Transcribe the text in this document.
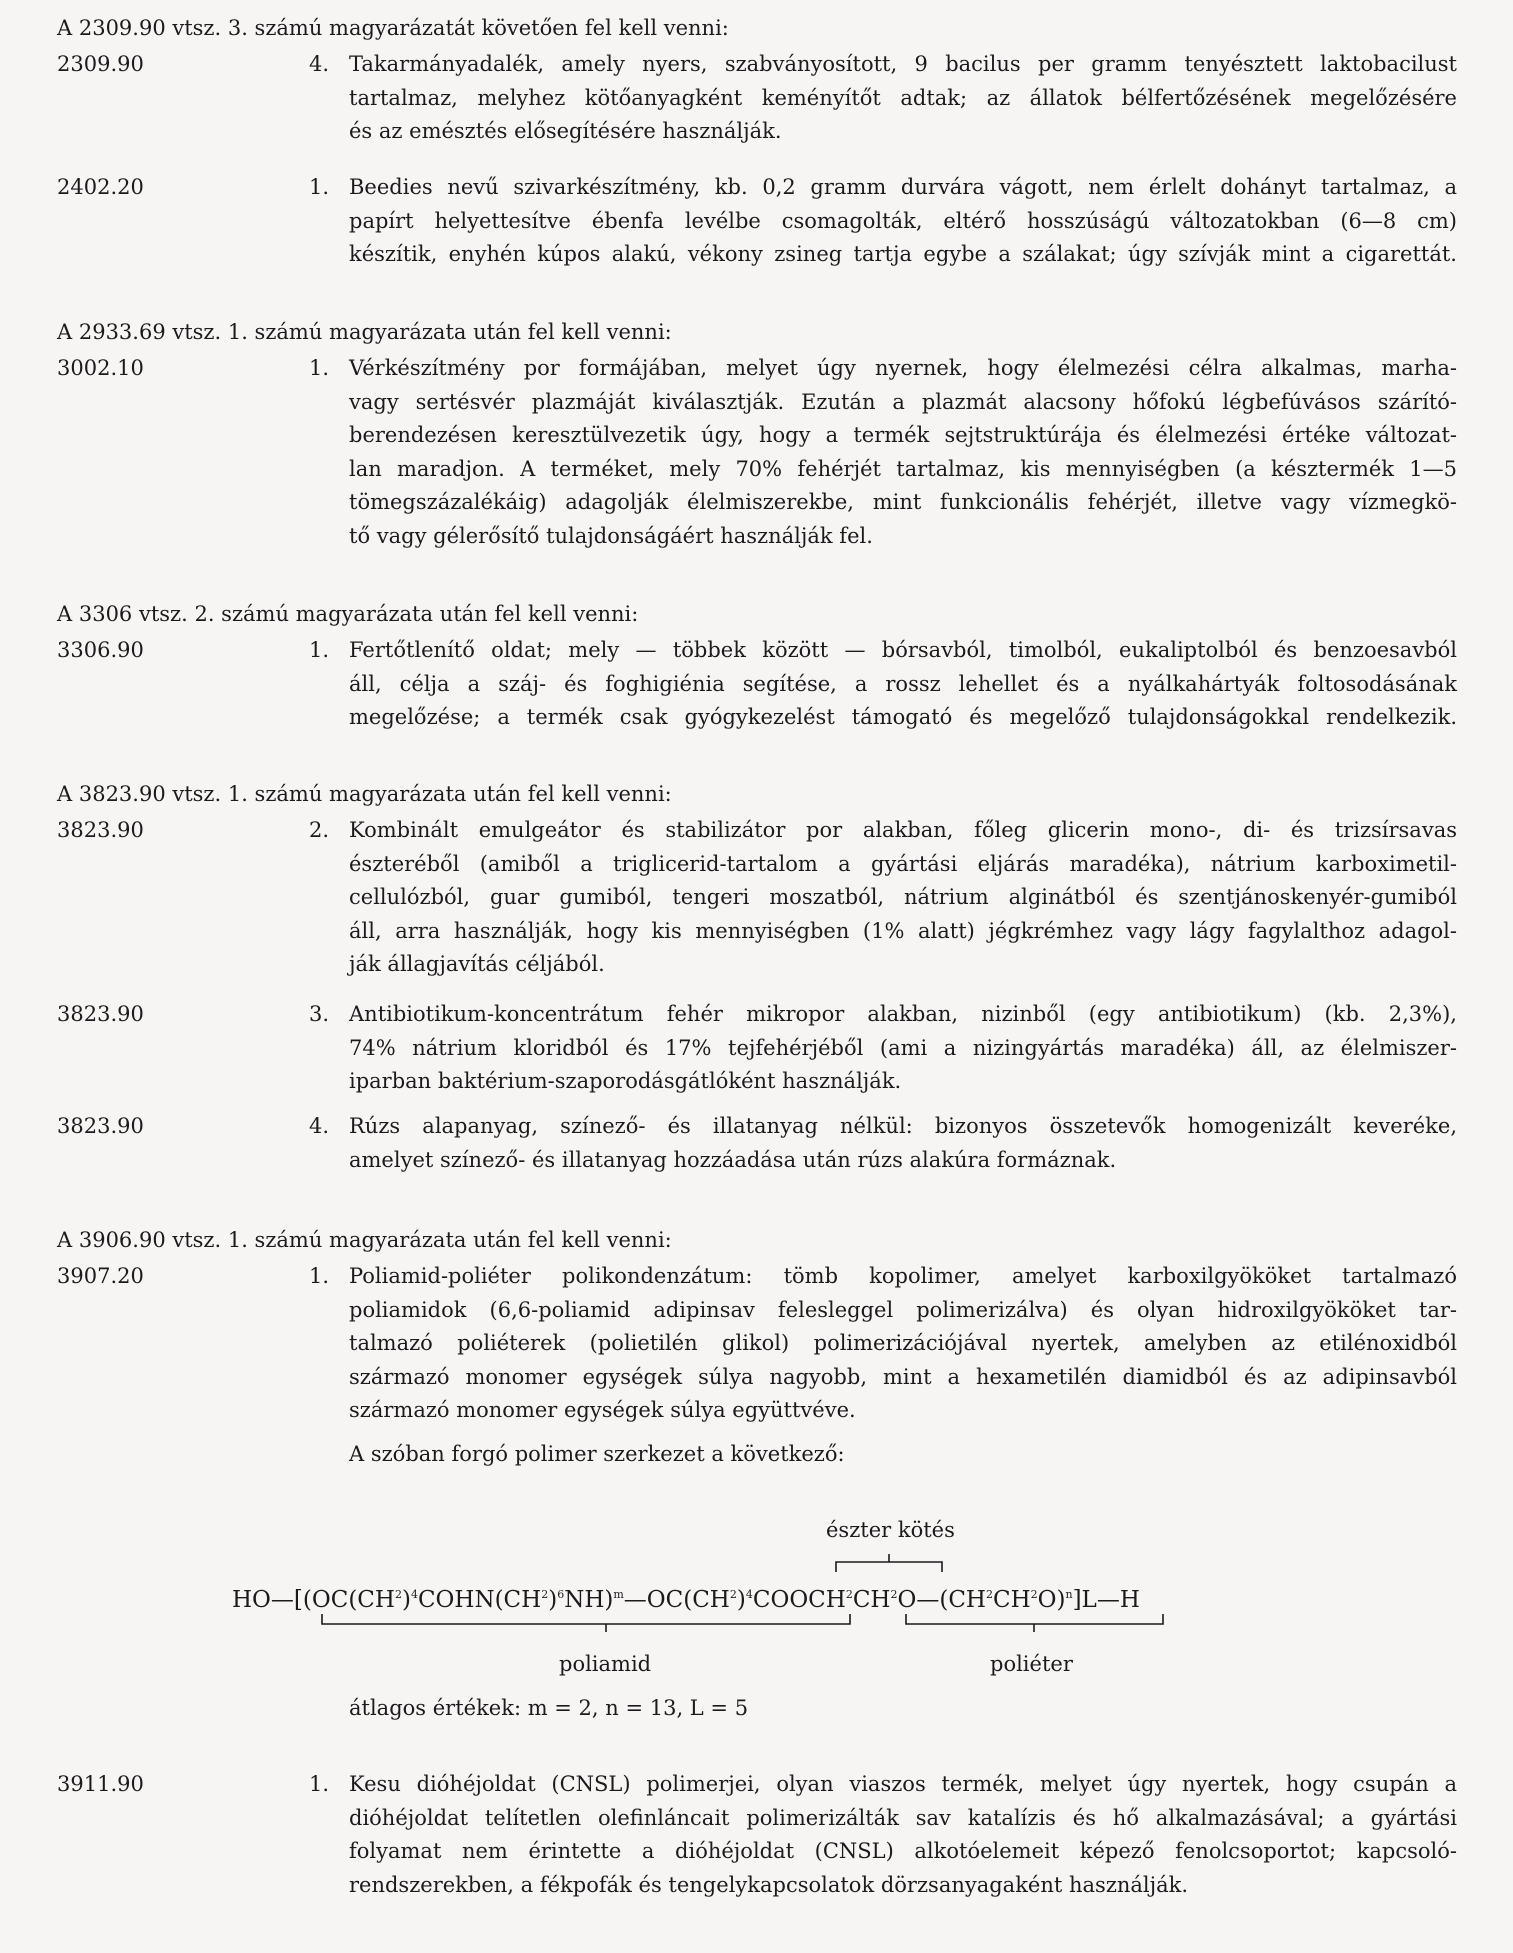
A 2309.90 vtsz. 3. számú magyarázatát követően fel kell venni:
2309.90	4. Takarmányadalék, amely nyers, szabványosított, 9 bacilus per gramm tenyésztett laktobacilust
tartalmaz, melyhez kötőanyagként keményítőt adtak; az állatok bélfertőzésének megelőzésére
és az emésztés elősegítésére használják.
2402.20	1. Beedies nevű szivarkészítmény, kb. 0,2 gramm durvára vágott, nem érlelt dohányt tartalmaz, a
papírt helyettesítve ébenfa levélbe csomagolták, eltérő hosszúságú változatokban (6—8 cm)
készítik, enyhén kúpos alakú, vékony zsineg tartja egybe a szálakat; úgy szívják mint a cigarettát.
A 2933.69 vtsz. 1. számú magyarázata után fel kell venni:
3002.10	1. Vérkészítmény por formájában, melyet úgy nyernek, hogy élelmezési célra alkalmas, marha-
vagy sertésvér plazmáját kiválasztják. Ezután a plazmát alacsony hőfokú légbefúvásos szárító-
berendezésen keresztülvezetik úgy, hogy a termék sejtstruktúrája és élelmezési értéke változat-
lan maradjon. A terméket, mely 70% fehérjét tartalmaz, kis mennyiségben (a késztermék 1—5
tömegszázalékáig) adagolják élelmiszerekbe, mint funkcionális fehérjét, illetve vagy vízmegkö-
tő vagy gélerősítő tulajdonságáért használják fel.
A 3306 vtsz. 2. számú magyarázata után fel kell venni:
3306.90	1. Fertőtlenítő oldat; mely — többek között — bórsavból, timolból, eukaliptolból és benzoesavból
áll, célja a száj- és foghigiénia segítése, a rossz lehellet és a nyálkahártyák foltosodásának
megelőzése; a termék csak gyógykezelést támogató és megelőző tulajdonságokkal rendelkezik.
A 3823.90 vtsz. 1. számú magyarázata után fel kell venni:
3823.90	2. Kombinált emulgeátor és stabilizátor por alakban, főleg glicerin mono-, di- és trizsírsavas
észteréből (amiből a triglicerid-tartalom a gyártási eljárás maradéka), nátrium karboximetil-
cellulózból, guar gumiból, tengeri moszatból, nátrium alginátból és szentjánoskenyér-gumiból
áll, arra használják, hogy kis mennyiségben (1% alatt) jégkrémhez vagy lágy fagylalthoz adagol-
ják állagjavítás céljából.
3823.90	3. Antibiotikum-koncentrátum fehér mikropor alakban, nizinből (egy antibiotikum) (kb. 2,3%),
74% nátrium kloridból és 17% tejfehérjéből (ami a nizingyártás maradéka) áll, az élelmiszer-
iparban baktérium-szaporodásgátlóként használják.
3823.90	4. Rúzs alapanyag, színező- és illatanyag nélkül: bizonyos összetevők homogenizált keveréke,
amelyet színező- és illatanyag hozzáadása után rúzs alakúra formáznak.
A 3906.90 vtsz. 1. számú magyarázata után fel kell venni:
3907.20	1. Poliamid-poliéter polikondenzátum: tömb kopolimer, amelyet karboxilgyököket tartalmazó
poliamidok (6,6-poliamid adipinsav felesleggel polimerizálva) és olyan hidroxilgyököket tar-
talmazó poliéterek (polietilén glikol) polimerizációjával nyertek, amelyben az etilénoxidból
származó monomer egységek súlya nagyobb, mint a hexametilén diamidból és az adipinsavból
származó monomer egységek súlya együttvéve.
A szóban forgó polimer szerkezet a következő:
észter kötés
$HO—[(OC(CH^2)^4COHN(CH^2)^6NH)^m—OC(CH^2)^4COOCH^2CH^2O—(CH^2CH^2O)^n]L—H$
poliamid	poliéter
átlagos értékek: m = 2, n = 13, L = 5
3911.90	1. Kesu dióhéjoldat (CNSL) polimerjei, olyan viaszos termék, melyet úgy nyertek, hogy csupán a
dióhéjoldat telítetlen olefinláncait polimerizálták sav katalízis és hő alkalmazásával; a gyártási
folyamat nem érintette a dióhéjoldat (CNSL) alkotóelemeit képező fenolcsoportot; kapcsoló-
rendszerekben, a fékpofák és tengelykapcsolatok dörzsanyagaként használják.
